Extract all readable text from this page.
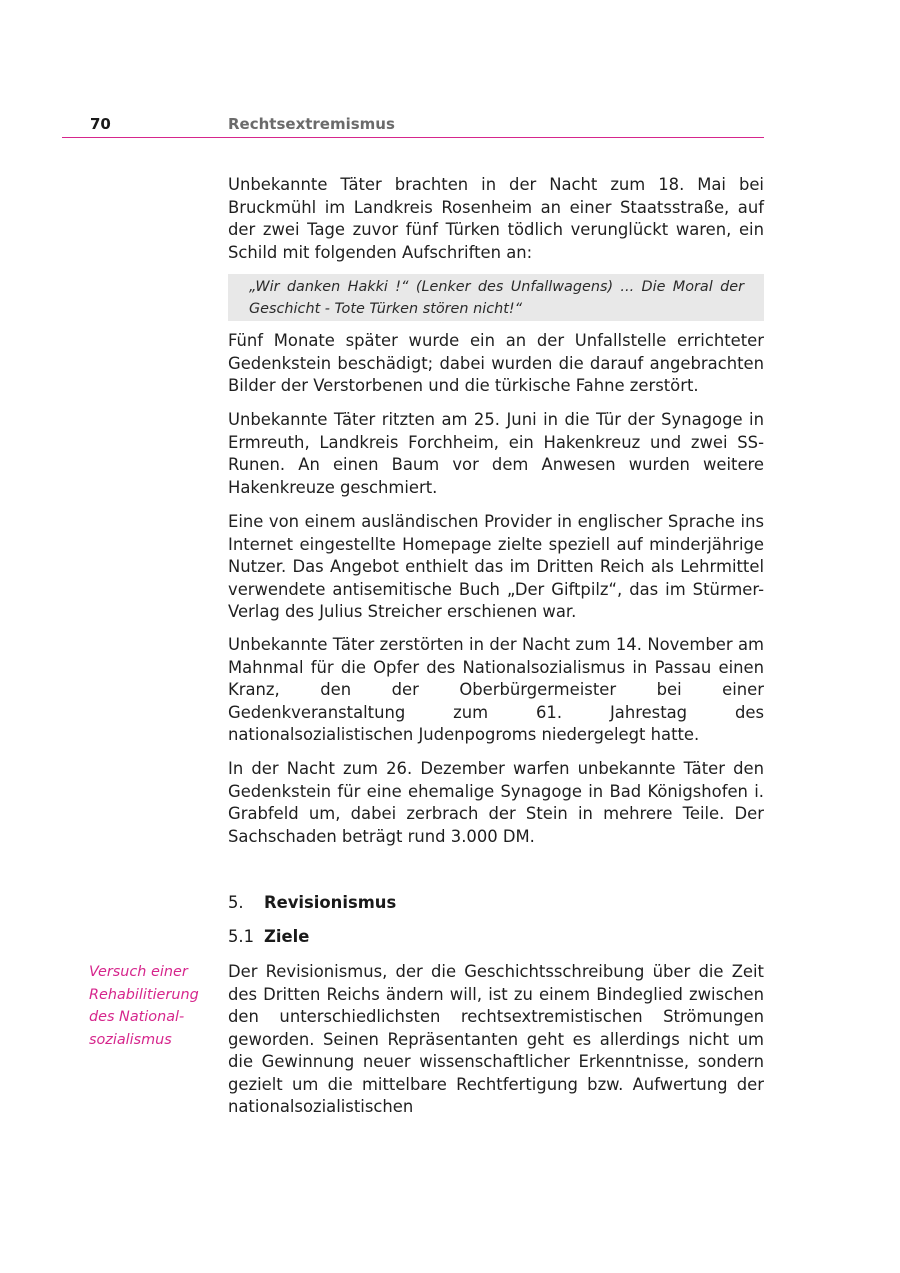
70	Rechtsextremismus

Unbekannte Täter brachten in der Nacht zum 18. Mai bei Bruckmühl im Landkreis Rosenheim an einer Staatsstraße, auf der zwei Tage zuvor fünf Türken tödlich verunglückt waren, ein Schild mit folgenden Aufschriften an:

„Wir danken Hakki !“ (Lenker des Unfallwagens) ... Die Moral der Geschicht - Tote Türken stören nicht!“

Fünf Monate später wurde ein an der Unfallstelle errichteter Gedenkstein beschädigt; dabei wurden die darauf angebrachten Bilder der Verstorbenen und die türkische Fahne zerstört.

Unbekannte Täter ritzten am 25. Juni in die Tür der Synagoge in Ermreuth, Landkreis Forchheim, ein Hakenkreuz und zwei SS-Runen. An einen Baum vor dem Anwesen wurden weitere Hakenkreuze geschmiert.

Eine von einem ausländischen Provider in englischer Sprache ins Internet eingestellte Homepage zielte speziell auf minderjährige Nutzer. Das Angebot enthielt das im Dritten Reich als Lehrmittel verwendete antisemitische Buch „Der Giftpilz“, das im Stürmer-Verlag des Julius Streicher erschienen war.

Unbekannte Täter zerstörten in der Nacht zum 14. November am Mahnmal für die Opfer des Nationalsozialismus in Passau einen Kranz, den der Oberbürgermeister bei einer Gedenkveranstaltung zum 61. Jahrestag des nationalsozialistischen Judenpogroms niedergelegt hatte.

In der Nacht zum 26. Dezember warfen unbekannte Täter den Gedenkstein für eine ehemalige Synagoge in Bad Königshofen i. Grabfeld um, dabei zerbrach der Stein in mehrere Teile. Der Sachschaden beträgt rund 3.000 DM.

5. Revisionismus
5.1 Ziele
Versuch einer
Rehabilitierung
des National-
sozialismus

Der Revisionismus, der die Geschichtsschreibung über die Zeit des Dritten Reichs ändern will, ist zu einem Bindeglied zwischen den unterschiedlichsten rechtsextremistischen Strömungen geworden. Seinen Repräsentanten geht es allerdings nicht um die Gewinnung neuer wissenschaftlicher Erkenntnisse, sondern gezielt um die mittelbare Rechtfertigung bzw. Aufwertung der nationalsozialistischen
